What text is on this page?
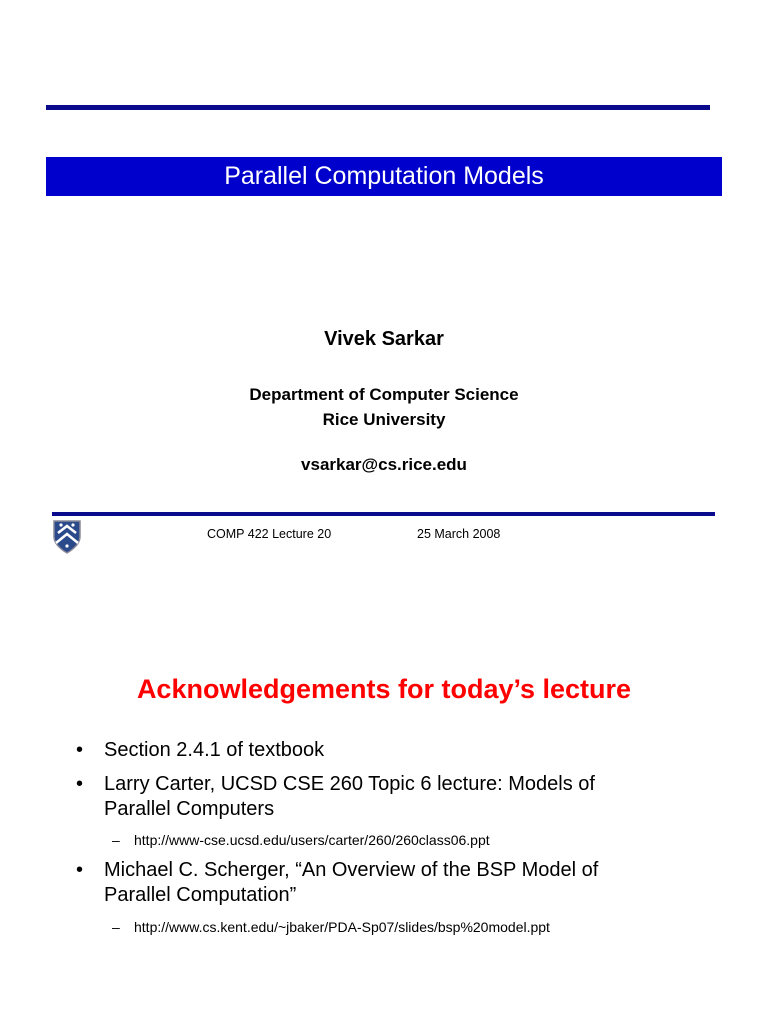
Parallel Computation Models
Vivek Sarkar
Department of Computer Science
Rice University
vsarkar@cs.rice.edu
COMP 422 Lecture 20	25 March 2008
Acknowledgements for today’s lecture
• Section 2.4.1 of textbook
• Larry Carter, UCSD CSE 260 Topic 6 lecture: Models of
Parallel Computers
– http://www-cse.ucsd.edu/users/carter/260/260class06.ppt
• Michael C. Scherger, “An Overview of the BSP Model of
Parallel Computation”
– http://www.cs.kent.edu/~jbaker/PDA-Sp07/slides/bsp%20model.ppt
